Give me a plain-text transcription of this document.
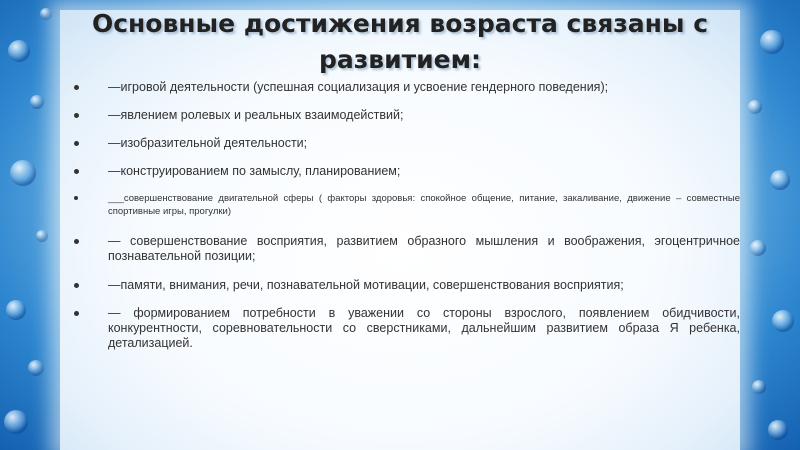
Основные достижения возраста связаны с развитием:
—игровой деятельности (успешная социализация и усвоение гендерного поведения);
—явлением ролевых и реальных взаимодействий;
—изобразительной деятельности;
—конструированием по замыслу, планированием;
___совершенствование двигательной сферы ( факторы здоровья: спокойное общение, питание, закаливание, движение – совместные спортивные игры, прогулки)
— совершенствование восприятия, развитием образного мышления и воображения, эгоцентричное познавательной позиции;
—памяти, внимания, речи, познавательной мотивации, совершенствования восприятия;
— формированием потребности в уважении со стороны взрослого, появлением обидчивости, конкурентности, соревновательности со сверстниками, дальнейшим развитием образа Я ребенка, детализацией.
